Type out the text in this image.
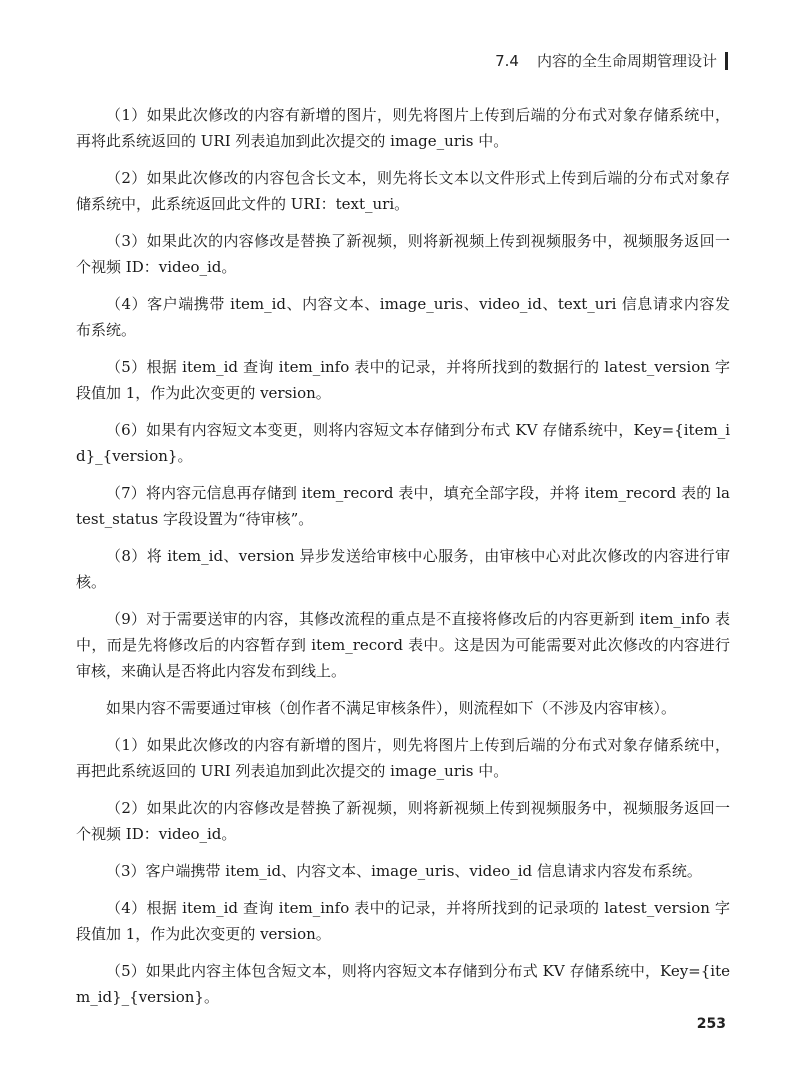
7.4 内容的全生命周期管理设计

（1）如果此次修改的内容有新增的图片，则先将图片上传到后端的分布式对象存储系统中，再将此系统返回的 URI 列表追加到此次提交的 image_uris 中。

（2）如果此次修改的内容包含长文本，则先将长文本以文件形式上传到后端的分布式对象存储系统中，此系统返回此文件的 URI：text_uri。

（3）如果此次的内容修改是替换了新视频，则将新视频上传到视频服务中，视频服务返回一个视频 ID：video_id。

（4）客户端携带 item_id、内容文本、image_uris、video_id、text_uri 信息请求内容发布系统。

（5）根据 item_id 查询 item_info 表中的记录，并将所找到的数据行的 latest_version 字段值加 1，作为此次变更的 version。

（6）如果有内容短文本变更，则将内容短文本存储到分布式 KV 存储系统中，Key={item_id}_{version}。

（7）将内容元信息再存储到 item_record 表中，填充全部字段，并将 item_record 表的 latest_status 字段设置为“待审核”。

（8）将 item_id、version 异步发送给审核中心服务，由审核中心对此次修改的内容进行审核。

（9）对于需要送审的内容，其修改流程的重点是不直接将修改后的内容更新到 item_info 表中，而是先将修改后的内容暂存到 item_record 表中。这是因为可能需要对此次修改的内容进行审核，来确认是否将此内容发布到线上。

如果内容不需要通过审核（创作者不满足审核条件），则流程如下（不涉及内容审核）。

（1）如果此次修改的内容有新增的图片，则先将图片上传到后端的分布式对象存储系统中，再把此系统返回的 URI 列表追加到此次提交的 image_uris 中。

（2）如果此次的内容修改是替换了新视频，则将新视频上传到视频服务中，视频服务返回一个视频 ID：video_id。

（3）客户端携带 item_id、内容文本、image_uris、video_id 信息请求内容发布系统。

（4）根据 item_id 查询 item_info 表中的记录，并将所找到的记录项的 latest_version 字段值加 1，作为此次变更的 version。

（5）如果此内容主体包含短文本，则将内容短文本存储到分布式 KV 存储系统中，Key={item_id}_{version}。

253
